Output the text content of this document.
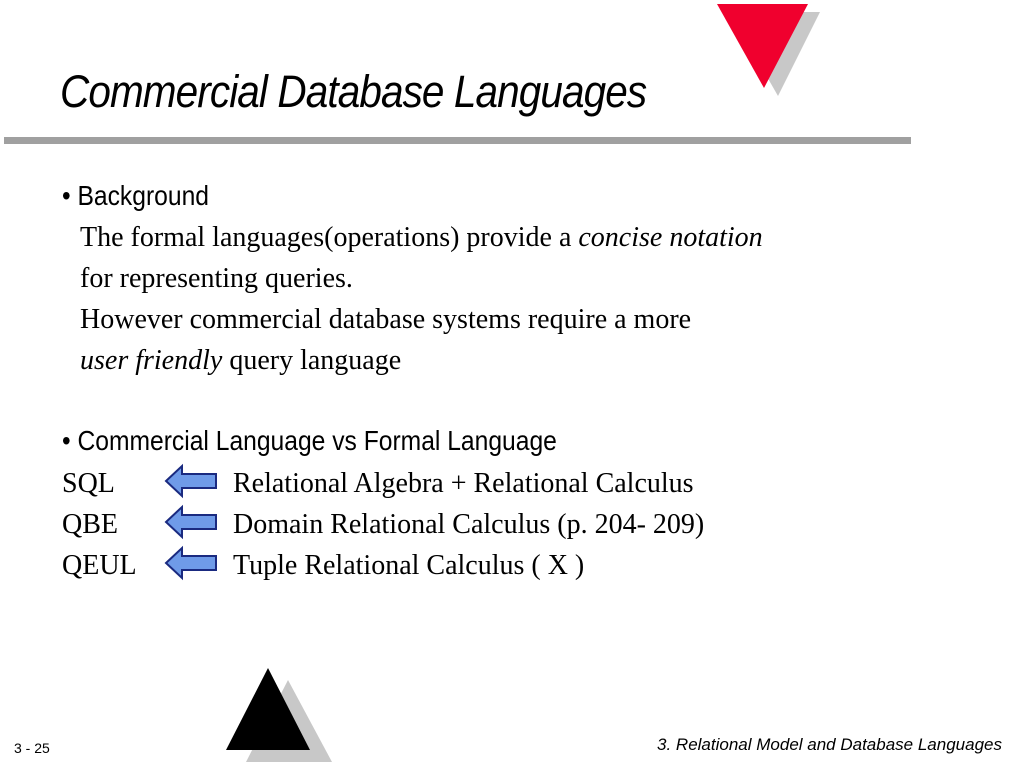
Commercial Database Languages
• Background
The formal languages(operations) provide a concise notation
for representing queries.
However commercial database systems require a more
user friendly query language
• Commercial Language vs Formal Language
SQL	Relational Algebra + Relational Calculus
QBE	Domain Relational Calculus (p. 204- 209)
QEUL	Tuple Relational Calculus ( X )
3 - 25	3. Relational Model and Database Languages
